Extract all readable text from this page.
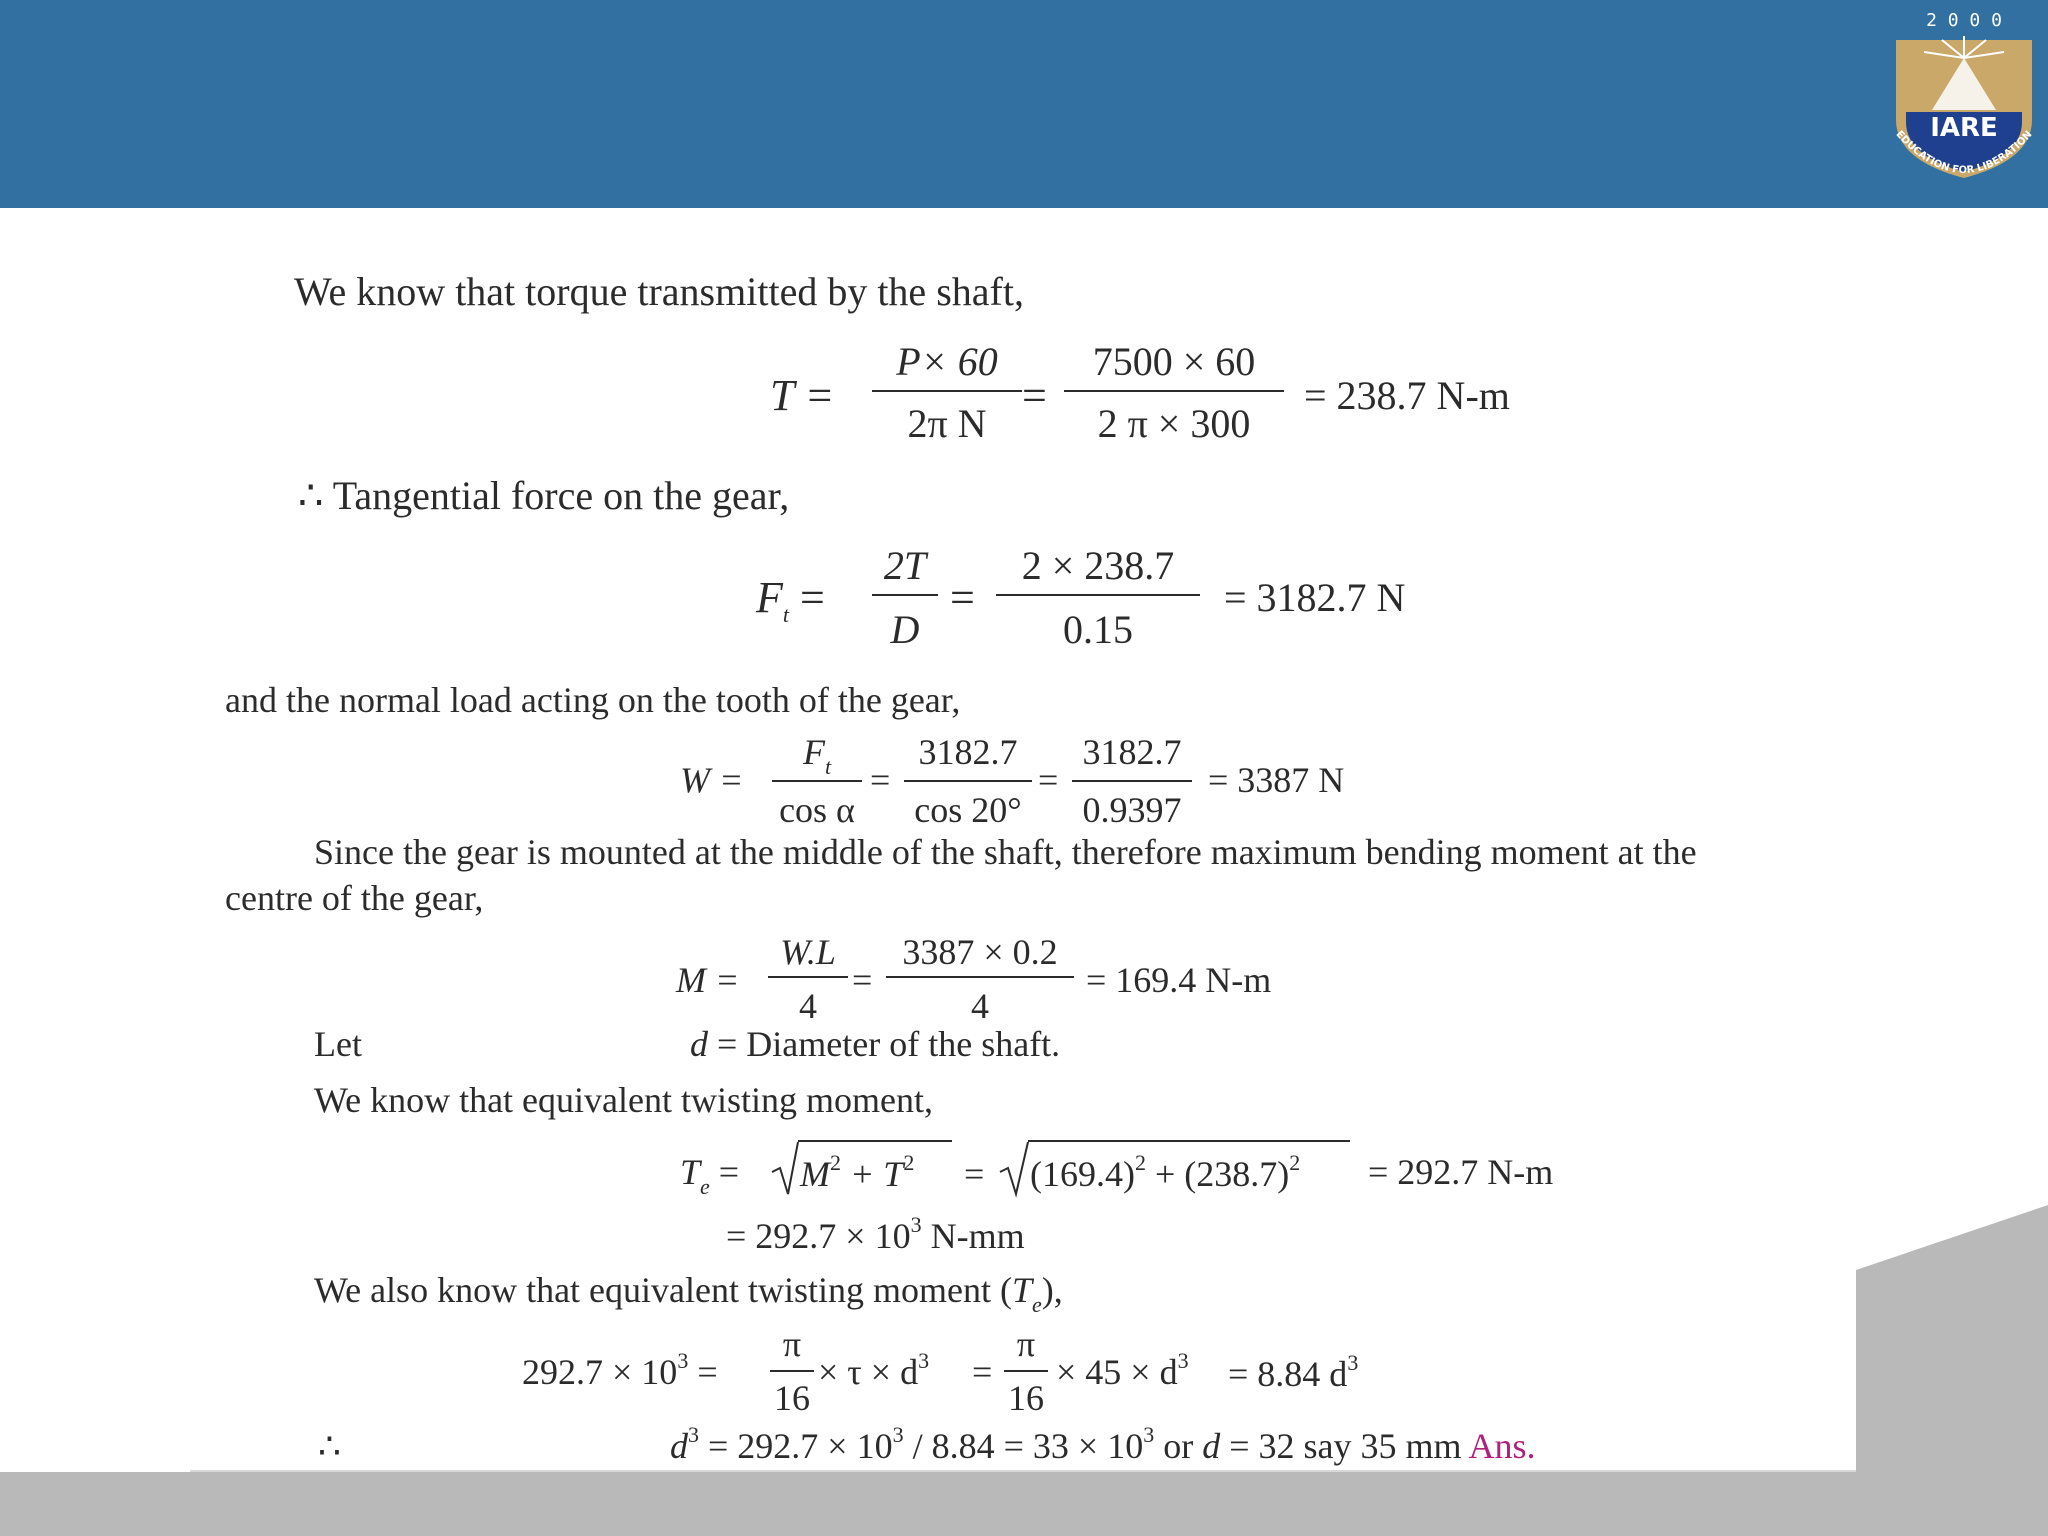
2 0 0 0
IARE
EDUCATION FOR LIBERATION
We know that torque transmitted by the shaft,
T =
P× 60
2π N
=
7500 × 60
2 π × 300
= 238.7 N-m
∴ Tangential force on the gear,
$F_t$ =
2T
D
=
2 × 238.7
0.15
= 3182.7 N
and the normal load acting on the tooth of the gear,
W =
$F_t$
cos α
=
3182.7
cos 20°
=
3182.7
0.9397
= 3387 N
Since the gear is mounted at the middle of the shaft, therefore maximum bending moment at the
centre of the gear,
M =
W.L
4
=
3387 × 0.2
4
= 169.4 N-m
Let	d = Diameter of the shaft.
We know that equivalent twisting moment,
$T_e = M^2 + T^2 = (169.4)^2 + (238.7)^2 = 292.7$ N-m
= $292.7 \times 10^3$ N-mm
We also know that equivalent twisting moment $(T_e)$,
$292.7 \times 10^3$ =
π
16
× $\tau \times d^3$ =
π
16
× $45 \times d^3 = 8.84$ $d^3$
∴	$d^3 = 292.7 \times 10^3 / 8.84 = 33 \times 10^3$ or d = 32 say 35 mm Ans.
